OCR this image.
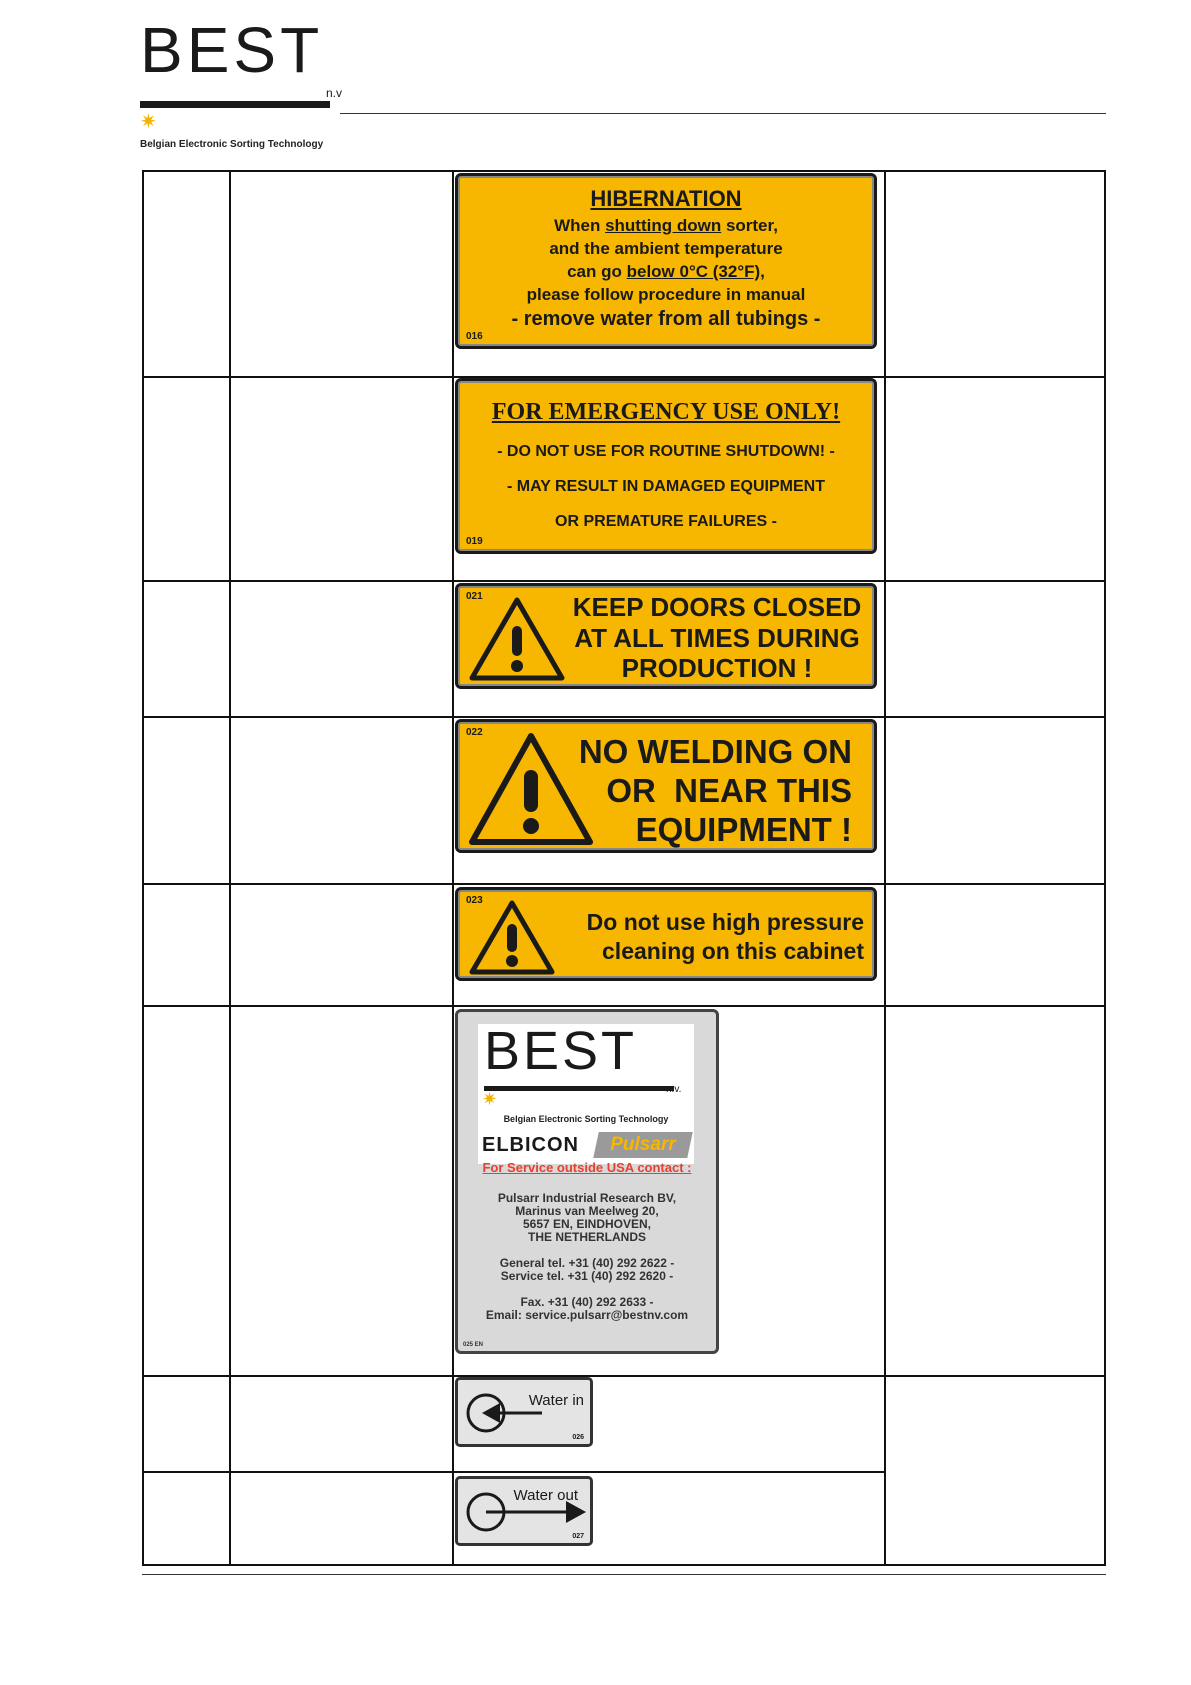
BEST
n.v
✷
Belgian Electronic Sorting Technology
HIBERNATION
When shutting down sorter,
and the ambient temperature
can go below 0°C (32°F),
please follow procedure in manual
- remove water from all tubings -
016
FOR EMERGENCY USE ONLY!
- DO NOT USE FOR ROUTINE SHUTDOWN! -
- MAY RESULT IN DAMAGED EQUIPMENT
OR PREMATURE FAILURES -
019
021	KEEP DOORS CLOSED
AT ALL TIMES DURING
PRODUCTION !
022
NO WELDING ON
OR  NEAR THIS
EQUIPMENT !
023
Do not use high pressure
cleaning on this cabinet
BEST
n.v.
✷
Belgian Electronic Sorting Technology
ELBICON	Pulsarr
For Service outside USA contact :
Pulsarr Industrial Research BV,
Marinus van Meelweg 20,
5657 EN, EINDHOVEN,
THE NETHERLANDS
General tel. +31 (40) 292 2622 -
Service tel. +31 (40) 292 2620 -
Fax. +31 (40) 292 2633 -
Email: service.pulsarr@bestnv.com
025 EN
Water in
026
Water out
027
